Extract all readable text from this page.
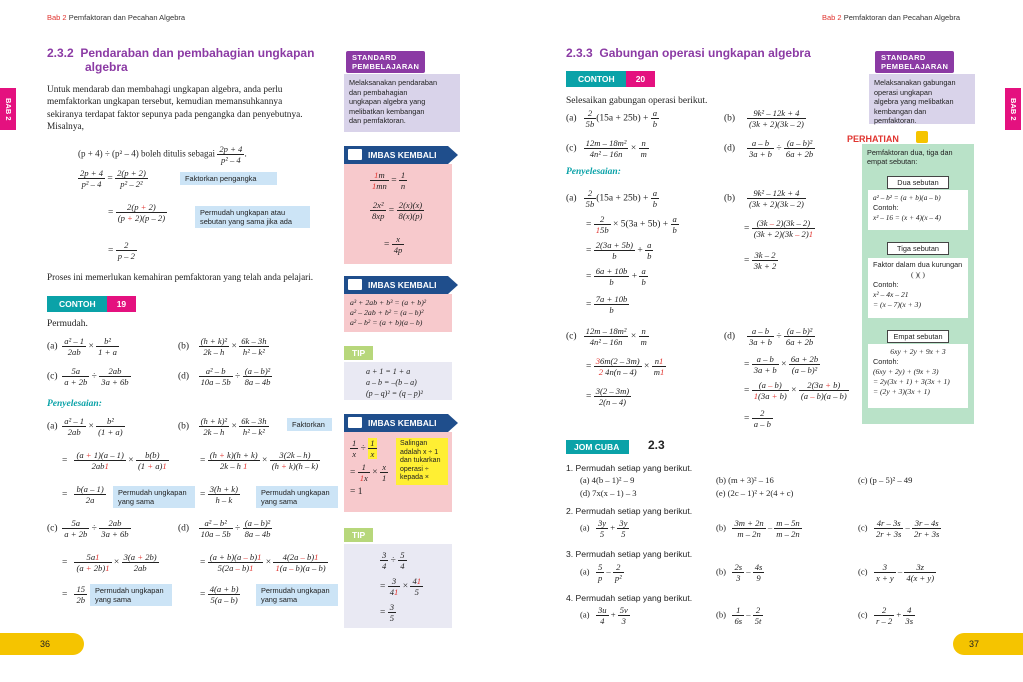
Bab 2 Pemfaktoran dan Pecahan Algebra	Bab 2 Pemfaktoran dan Pecahan Algebra
BAB 2	BAB 2
2.3.2 Pendaraban dan pembahagian ungkapan
algebra
STANDARD
PEMBELAJARAN
Melaksanakan pendaraban
dan pembahagian
ungkapan algebra yang
melibatkan kembangan
dan pemfaktoran.
Untuk mendarab dan membahagi ungkapan algebra, anda perlu
memfaktorkan ungkapan tersebut, kemudian memansuhkannya
sekiranya terdapat faktor sepunya pada pengangka dan penyebutnya.
Misalnya,
(p + 4) ÷ (p² – 4) boleh ditulis sebagai $\frac{2p + 4}{\text{p² – 4}}$ .
$\frac{2p + 4}{\text{p² – 4}} = \frac{2(p + 2)}{\text{p² – 2²}}$	Faktorkan pengangka
= $\frac{2(p + 2)}{(p + 2)(p - 2)}$	Permudah ungkapan atau
sebutan yang sama jika ada
= $\frac{2}{p - 2}$
Proses ini memerlukan kemahiran pemfaktoran yang telah anda pelajari.
CONTOH 19
Permudah.
$(a) \frac{\text{a² – 1}}{2ab} \times \frac{\text{b²}}{1 + a}$	$(b) \frac{\text{(h + k)²}}{2k - h} \times \frac{6k - 3h}{\text{h² – k²}}$
$(c) \frac{5a}{a + 2b} \div \frac{2ab}{3a + 6b}$	$(d) \frac{\text{a² – b}}{10a - 5b} \div \frac{\text{(a – b)²}}{8a - 4b}$
Penyelesaian:
$(a) \frac{\text{a² – 1}}{2ab} \times \frac{\text{b²}}{(1 + a)}$	$(b) \frac{\text{(h + k)²}}{2k - h} \times \frac{6k - 3h}{\text{h² – k²}}$	Faktorkan
= $\frac{(a + 1)(a - 1)}{2ab1} \times \frac{b(b)}{(1 + a)1}$	= $\frac{(h + k)(h + k)}{2k - h 1} \times \frac{3(2k - h)}{(h + k)(h - k)}$
= $\frac{b(a - 1)}{2a}$ Permudah ungkapan
yang sama
= $\frac{3(h + k)}{h - k}$	Permudah ungkapan
yang sama
$(c) \frac{5a}{a + 2b} \div \frac{2ab}{3a + 6b}$	$(d) \frac{\text{a² – b²}}{10a - 5b} \div \frac{\text{(a – b)²}}{8a - 4b}$
= $\frac{5a1}{(a + 2b)1} \times \frac{3(a + 2b)}{2ab}$	= $\frac{(a + b)(a - b)1}{5(2a - b)1} \times \frac{4(2a - b)1}{1(a - b)(a - b)}$
= $\frac{15}{2b}$ Permudah ungkapan
yang sama
= $\frac{4(a + b)}{5(a - b)}$	Permudah ungkapan
yang sama
IMBAS KEMBALI
$\frac{1m}{1mn} = \frac{1}{n}$
$\frac{\text{2x²}}{8xp} = \frac{2(x)(x)}{8(x)(p)}$
= $\frac{x}{4p}$
IMBAS KEMBALI
a³ + 2ab + b³ = (a + b)²
a² – 2ab + b² = (a – b)²
a² – b² = (a + b)(a – b)
TIP
a + 1 = 1 + a
a – b = –(b – a)
(p – q)² = (q – p)²
IMBAS KEMBALI
$\frac{1}{x} \div \frac{1}{x}$
= $\frac{1}{1x} \times \frac{x}{1}$
= 1
Salingan
adalah x ÷ 1
dan tukarkan
operasi ÷
kepada ×
TIP
$\frac{3}{4} \div \frac{5}{4}$
= $\frac{3}{41} \times \frac{41}{5}$
= $\frac{3}{5}$
2.3.3 Gabungan operasi ungkapan algebra	STANDARD
PEMBELAJARAN
Melaksanakan gabungan
operasi ungkapan
algebra yang melibatkan
kembangan dan pemfaktoran.
CONTOH 20
Selesaikan gabungan operasi berikut.
$(a) \frac{2}{5b} (15a + 25b) + \frac{a}{b}$	$(b) \frac{\text{9k² – 12k + 4}}{(3k + 2)(3k - 2)}$
$(c) \frac{\text{12m – 18m²}}{\text{4n² – 16n}} \times \frac{n}{m}$	$(d) \frac{a - b}{3a + b} \div \frac{\text{(a – b)²}}{6a + 2b}$
Penyelesaian:
$(a) \frac{2}{5b} (15a + 25b) + \frac{a}{b}$
= $\frac{2}{15b} \times 5(3a + 5b) + \frac{a}{b}$
= $\frac{2(3a + 5b)}{b} + \frac{a}{b}$
= $\frac{6a + 10b}{b} + \frac{a}{b}$
= $\frac{7a + 10b}{b}$
$(b) \frac{\text{9k² – 12k + 4}}{(3k + 2)(3k - 2)}$
= $\frac{(3k - 2)(3k - 2)}{(3k + 2)(3k - 2)1}$
= $\frac{3k - 2}{3k + 2}$
$(c) \frac{\text{12m – 18m²}}{\text{4n² – 16n}} \times \frac{n}{m}$
= $\frac{36m(2 - 3m)}{2 4n(n - 4)} \times \frac{n1}{m1}$
= $\frac{3(2 - 3m)}{2(n - 4)}$
$(d) \frac{a - b}{3a + b} \div \frac{\text{(a – b)²}}{6a + 2b}$
= $\frac{a - b}{3a + b} \times \frac{6a + 2b}{\text{(a – b)²}}$
= $\frac{(a - b)}{1(3a + b)} \times \frac{2(3a + b)}{(a - b)(a - b)}$
= $\frac{2}{a - b}$
PERHATIAN
Pemfaktoran dua, tiga dan
empat sebutan:
Dua sebutan
a² – b² = (a + b)(a – b)
Contoh:
x² – 16 = (x + 4)(x – 4)
Tiga sebutan
Faktor dalam dua kurungan
( )( )
Contoh:
x² – 4x – 21
= (x – 7)(x + 3)
Empat sebutan
6xy + 2y + 9x + 3
Contoh:
(6xy + 2y) + (9x + 3)
= 2y(3x + 1) + 3(3x + 1)
= (2y + 3)(3x + 1)
JOM CUBA	2.3
1. Permudah setiap yang berikut.
(a) 4(b – 1)² – 9	(b) (m + 3)² – 16	(c) (p – 5)² – 49
(d) 7x(x – 1) – 3	(e) (2c – 1)² + 2(4 + c)
2. Permudah setiap yang berikut.
$(a) \frac{3y}{5} + \frac{3y}{5}$	$(b) \frac{3m + 2n}{m - 2n} - \frac{m - 5n}{m - 2n}$	$(c) \frac{4r - 3s}{2r + 3s} - \frac{3r - 4s}{2r + 3s}$
3. Permudah setiap yang berikut.
$(a) \frac{5}{p} - \frac{2}{\text{p²}}$	$(b) \frac{2s}{3} - \frac{4s}{9}$	$(c) \frac{3}{x + y} - \frac{3z}{4(x + y)}$
4. Permudah setiap yang berikut.
$(a) \frac{3u}{4} + \frac{5v}{3}$	$(b) \frac{1}{6s} - \frac{2}{5t}$	$(c) \frac{2}{r - 2} + \frac{4}{3s}$
36	37
